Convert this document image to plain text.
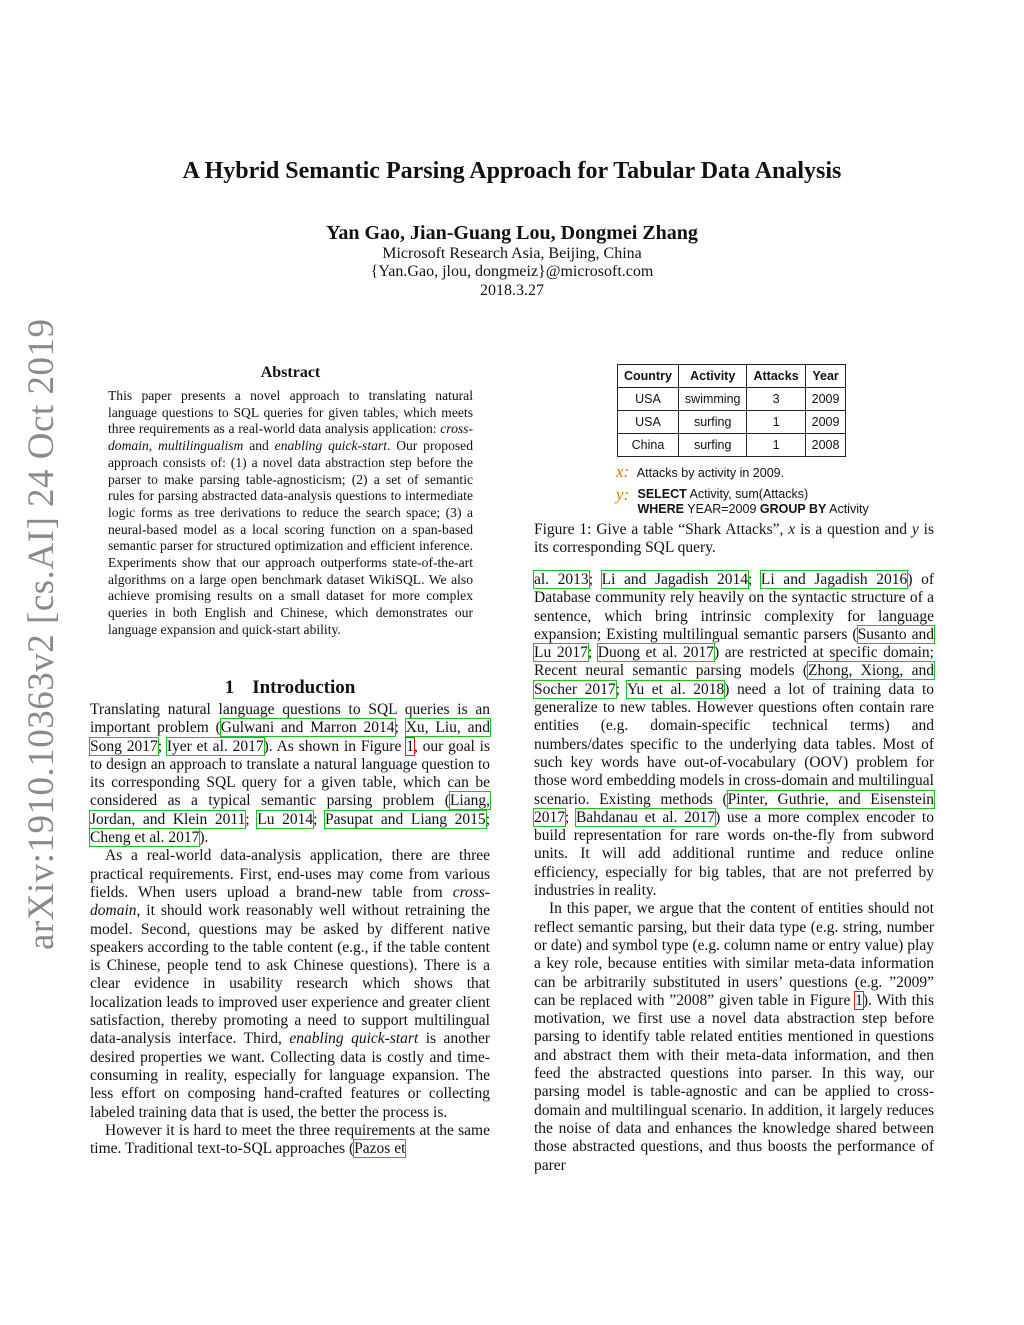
arXiv:1910.10363v2 [cs.AI] 24 Oct 2019
A Hybrid Semantic Parsing Approach for Tabular Data Analysis
Yan Gao, Jian-Guang Lou, Dongmei Zhang
Microsoft Research Asia, Beijing, China
{Yan.Gao, jlou, dongmeiz}@microsoft.com
2018.3.27
Abstract
This paper presents a novel approach to translating natural language questions to SQL queries for given tables, which meets three requirements as a real-world data analysis application: cross-domain, multilingualism and enabling quick-start. Our proposed approach consists of: (1) a novel data abstraction step before the parser to make parsing table-agnosticism; (2) a set of semantic rules for parsing abstracted data-analysis questions to intermediate logic forms as tree derivations to reduce the search space; (3) a neural-based model as a local scoring function on a span-based semantic parser for structured optimization and efficient inference. Experiments show that our approach outperforms state-of-the-art algorithms on a large open benchmark dataset WikiSQL. We also achieve promising results on a small dataset for more complex queries in both English and Chinese, which demonstrates our language expansion and quick-start ability.
1 Introduction

Translating natural language questions to SQL queries is an important problem (Gulwani and Marron 2014; Xu, Liu, and Song 2017; Iyer et al. 2017). As shown in Figure 1, our goal is to design an approach to translate a natural language question to its corresponding SQL query for a given table, which can be considered as a typical semantic parsing problem (Liang, Jordan, and Klein 2011; Lu 2014; Pasupat and Liang 2015; Cheng et al. 2017).

As a real-world data-analysis application, there are three practical requirements. First, end-uses may come from various fields. When users upload a brand-new table from cross-domain, it should work reasonably well without retraining the model. Second, questions may be asked by different native speakers according to the table content (e.g., if the table content is Chinese, people tend to ask Chinese questions). There is a clear evidence in usability research which shows that localization leads to improved user experience and greater client satisfaction, thereby promoting a need to support multilingual data-analysis interface. Third, enabling quick-start is another desired properties we want. Collecting data is costly and time-consuming in reality, especially for language expansion. The less effort on composing hand-crafted features or collecting labeled training data that is used, the better the process is.

However it is hard to meet the three requirements at the same time. Traditional text-to-SQL approaches (Pazos et

Country	Activity	Attacks	Year
USA	swimming	3	2009
USA	surfing	1	2009
China	surfing	1	2008
x: Attacks by activity in 2009.
y: SELECT Activity, sum(Attacks)
WHERE YEAR=2009 GROUP BY Activity
Figure 1: Give a table “Shark Attacks”, x is a question and y is its corresponding SQL query.

al. 2013; Li and Jagadish 2014; Li and Jagadish 2016) of Database community rely heavily on the syntactic structure of a sentence, which bring intrinsic complexity for language expansion; Existing multilingual semantic parsers (Susanto and Lu 2017; Duong et al. 2017) are restricted at specific domain; Recent neural semantic parsing models (Zhong, Xiong, and Socher 2017; Yu et al. 2018) need a lot of training data to generalize to new tables. However questions often contain rare entities (e.g. domain-specific technical terms) and numbers/dates specific to the underlying data tables. Most of such key words have out-of-vocabulary (OOV) problem for those word embedding models in cross-domain and multilingual scenario. Existing methods (Pinter, Guthrie, and Eisenstein 2017; Bahdanau et al. 2017) use a more complex encoder to build representation for rare words on-the-fly from subword units. It will add additional runtime and reduce online efficiency, especially for big tables, that are not preferred by industries in reality.

In this paper, we argue that the content of entities should not reflect semantic parsing, but their data type (e.g. string, number or date) and symbol type (e.g. column name or entry value) play a key role, because entities with similar meta-data information can be arbitrarily substituted in users’ questions (e.g. ”2009” can be replaced with ”2008” given table in Figure 1). With this motivation, we first use a novel data abstraction step before parsing to identify table related entities mentioned in questions and abstract them with their meta-data information, and then feed the abstracted questions into parser. In this way, our parsing model is table-agnostic and can be applied to cross-domain and multilingual scenario. In addition, it largely reduces the noise of data and enhances the knowledge shared between those abstracted questions, and thus boosts the performance of parer
